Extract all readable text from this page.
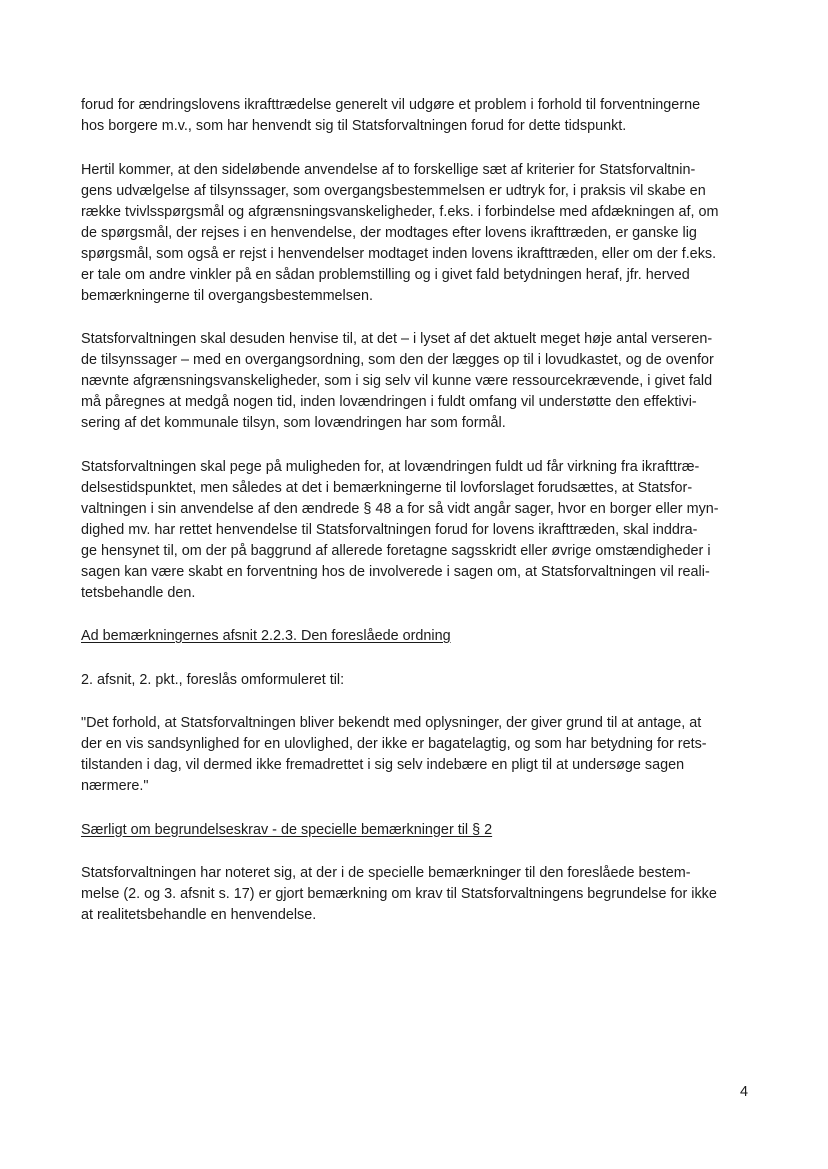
forud for ændringslovens ikrafttrædelse generelt vil udgøre et problem i forhold til forventningerne
hos borgere m.v., som har henvendt sig til Statsforvaltningen forud for dette tidspunkt.
Hertil kommer, at den sideløbende anvendelse af to forskellige sæt af kriterier for Statsforvaltnin-
gens udvælgelse af tilsynssager, som overgangsbestemmelsen er udtryk for, i praksis vil skabe en
række tvivlsspørgsmål og afgrænsningsvanskeligheder, f.eks. i forbindelse med afdækningen af, om
de spørgsmål, der rejses i en henvendelse, der modtages efter lovens ikrafttræden, er ganske lig
spørgsmål, som også er rejst i henvendelser modtaget inden lovens ikrafttræden, eller om der f.eks.
er tale om andre vinkler på en sådan problemstilling og i givet fald betydningen heraf, jfr. herved
bemærkningerne til overgangsbestemmelsen.
Statsforvaltningen skal desuden henvise til, at det – i lyset af det aktuelt meget høje antal verseren-
de tilsynssager – med en overgangsordning, som den der lægges op til i lovudkastet, og de ovenfor
nævnte afgrænsningsvanskeligheder, som i sig selv vil kunne være ressourcekrævende, i givet fald
må påregnes at medgå nogen tid, inden lovændringen i fuldt omfang vil understøtte den effektivi-
sering af det kommunale tilsyn, som lovændringen har som formål.
Statsforvaltningen skal pege på muligheden for, at lovændringen fuldt ud får virkning fra ikrafttræ-
delsestidspunktet, men således at det i bemærkningerne til lovforslaget forudsættes, at Statsfor-
valtningen i sin anvendelse af den ændrede § 48 a for så vidt angår sager, hvor en borger eller myn-
dighed mv. har rettet henvendelse til Statsforvaltningen forud for lovens ikrafttræden, skal inddra-
ge hensynet til, om der på baggrund af allerede foretagne sagsskridt eller øvrige omstændigheder i
sagen kan være skabt en forventning hos de involverede i sagen om, at Statsforvaltningen vil reali-
tetsbehandle den.
Ad bemærkningernes afsnit 2.2.3. Den foreslåede ordning
2. afsnit, 2. pkt., foreslås omformuleret til:
"Det forhold, at Statsforvaltningen bliver bekendt med oplysninger, der giver grund til at antage, at
der en vis sandsynlighed for en ulovlighed, der ikke er bagatelagtig, og som har betydning for rets-
tilstanden i dag, vil dermed ikke fremadrettet i sig selv indebære en pligt til at undersøge sagen
nærmere."
Særligt om begrundelseskrav - de specielle bemærkninger til § 2
Statsforvaltningen har noteret sig, at der i de specielle bemærkninger til den foreslåede bestem-
melse (2. og 3. afsnit s. 17) er gjort bemærkning om krav til Statsforvaltningens begrundelse for ikke
at realitetsbehandle en henvendelse.
4
